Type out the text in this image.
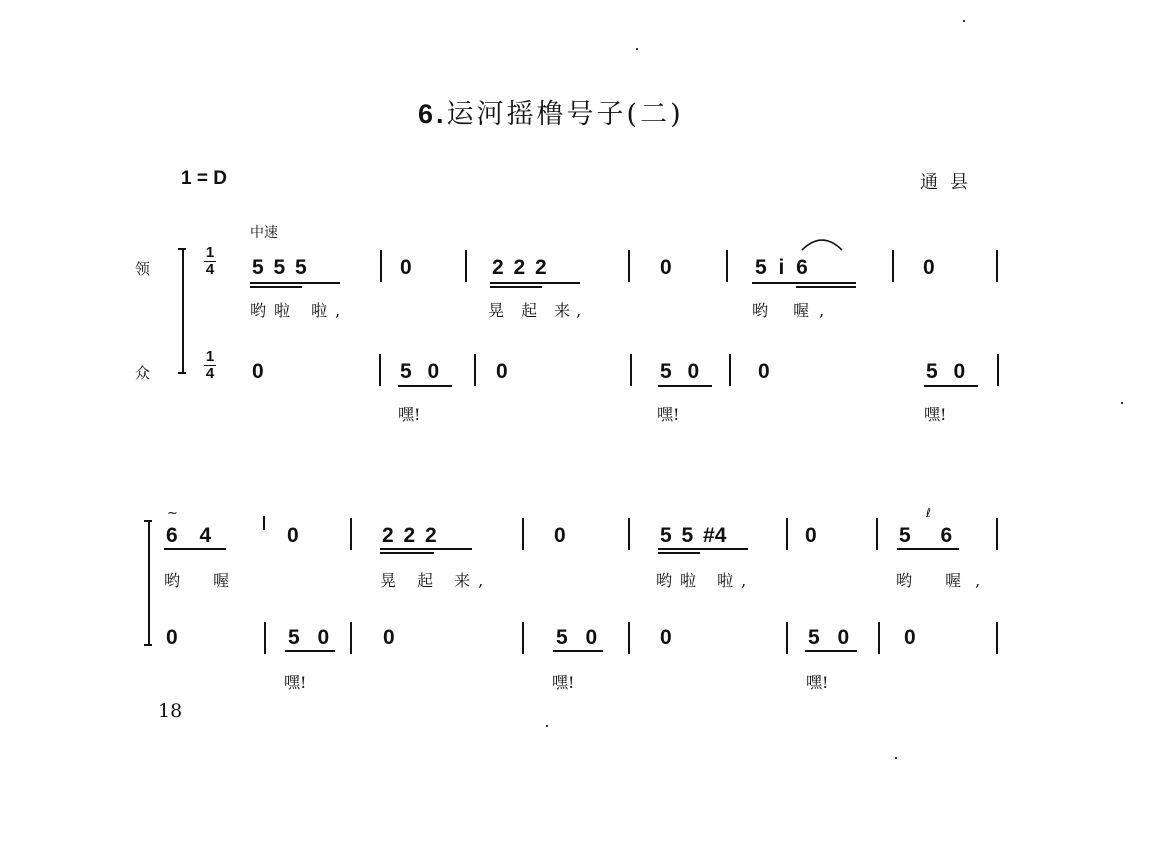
6.运河摇橹号子(二)
1 = D	通县
中速
领
众
1
4
1
4
5 5 5	0	2 2 2	0	5 i 6	0
哟啦 啦,	晃 起 来,	哟 喔,
0	5 0	0	5 0	0	5 0
嘿!	嘿!	嘿!
6 4
~
0	2 2 2	0	5 5 #4	0	5 6
ℓ
哟 喔	晃 起 来,	哟啦 啦,	哟 喔,
0	5 0	0	5 0	0	5 0	0
嘿!	嘿!	嘿!
18
